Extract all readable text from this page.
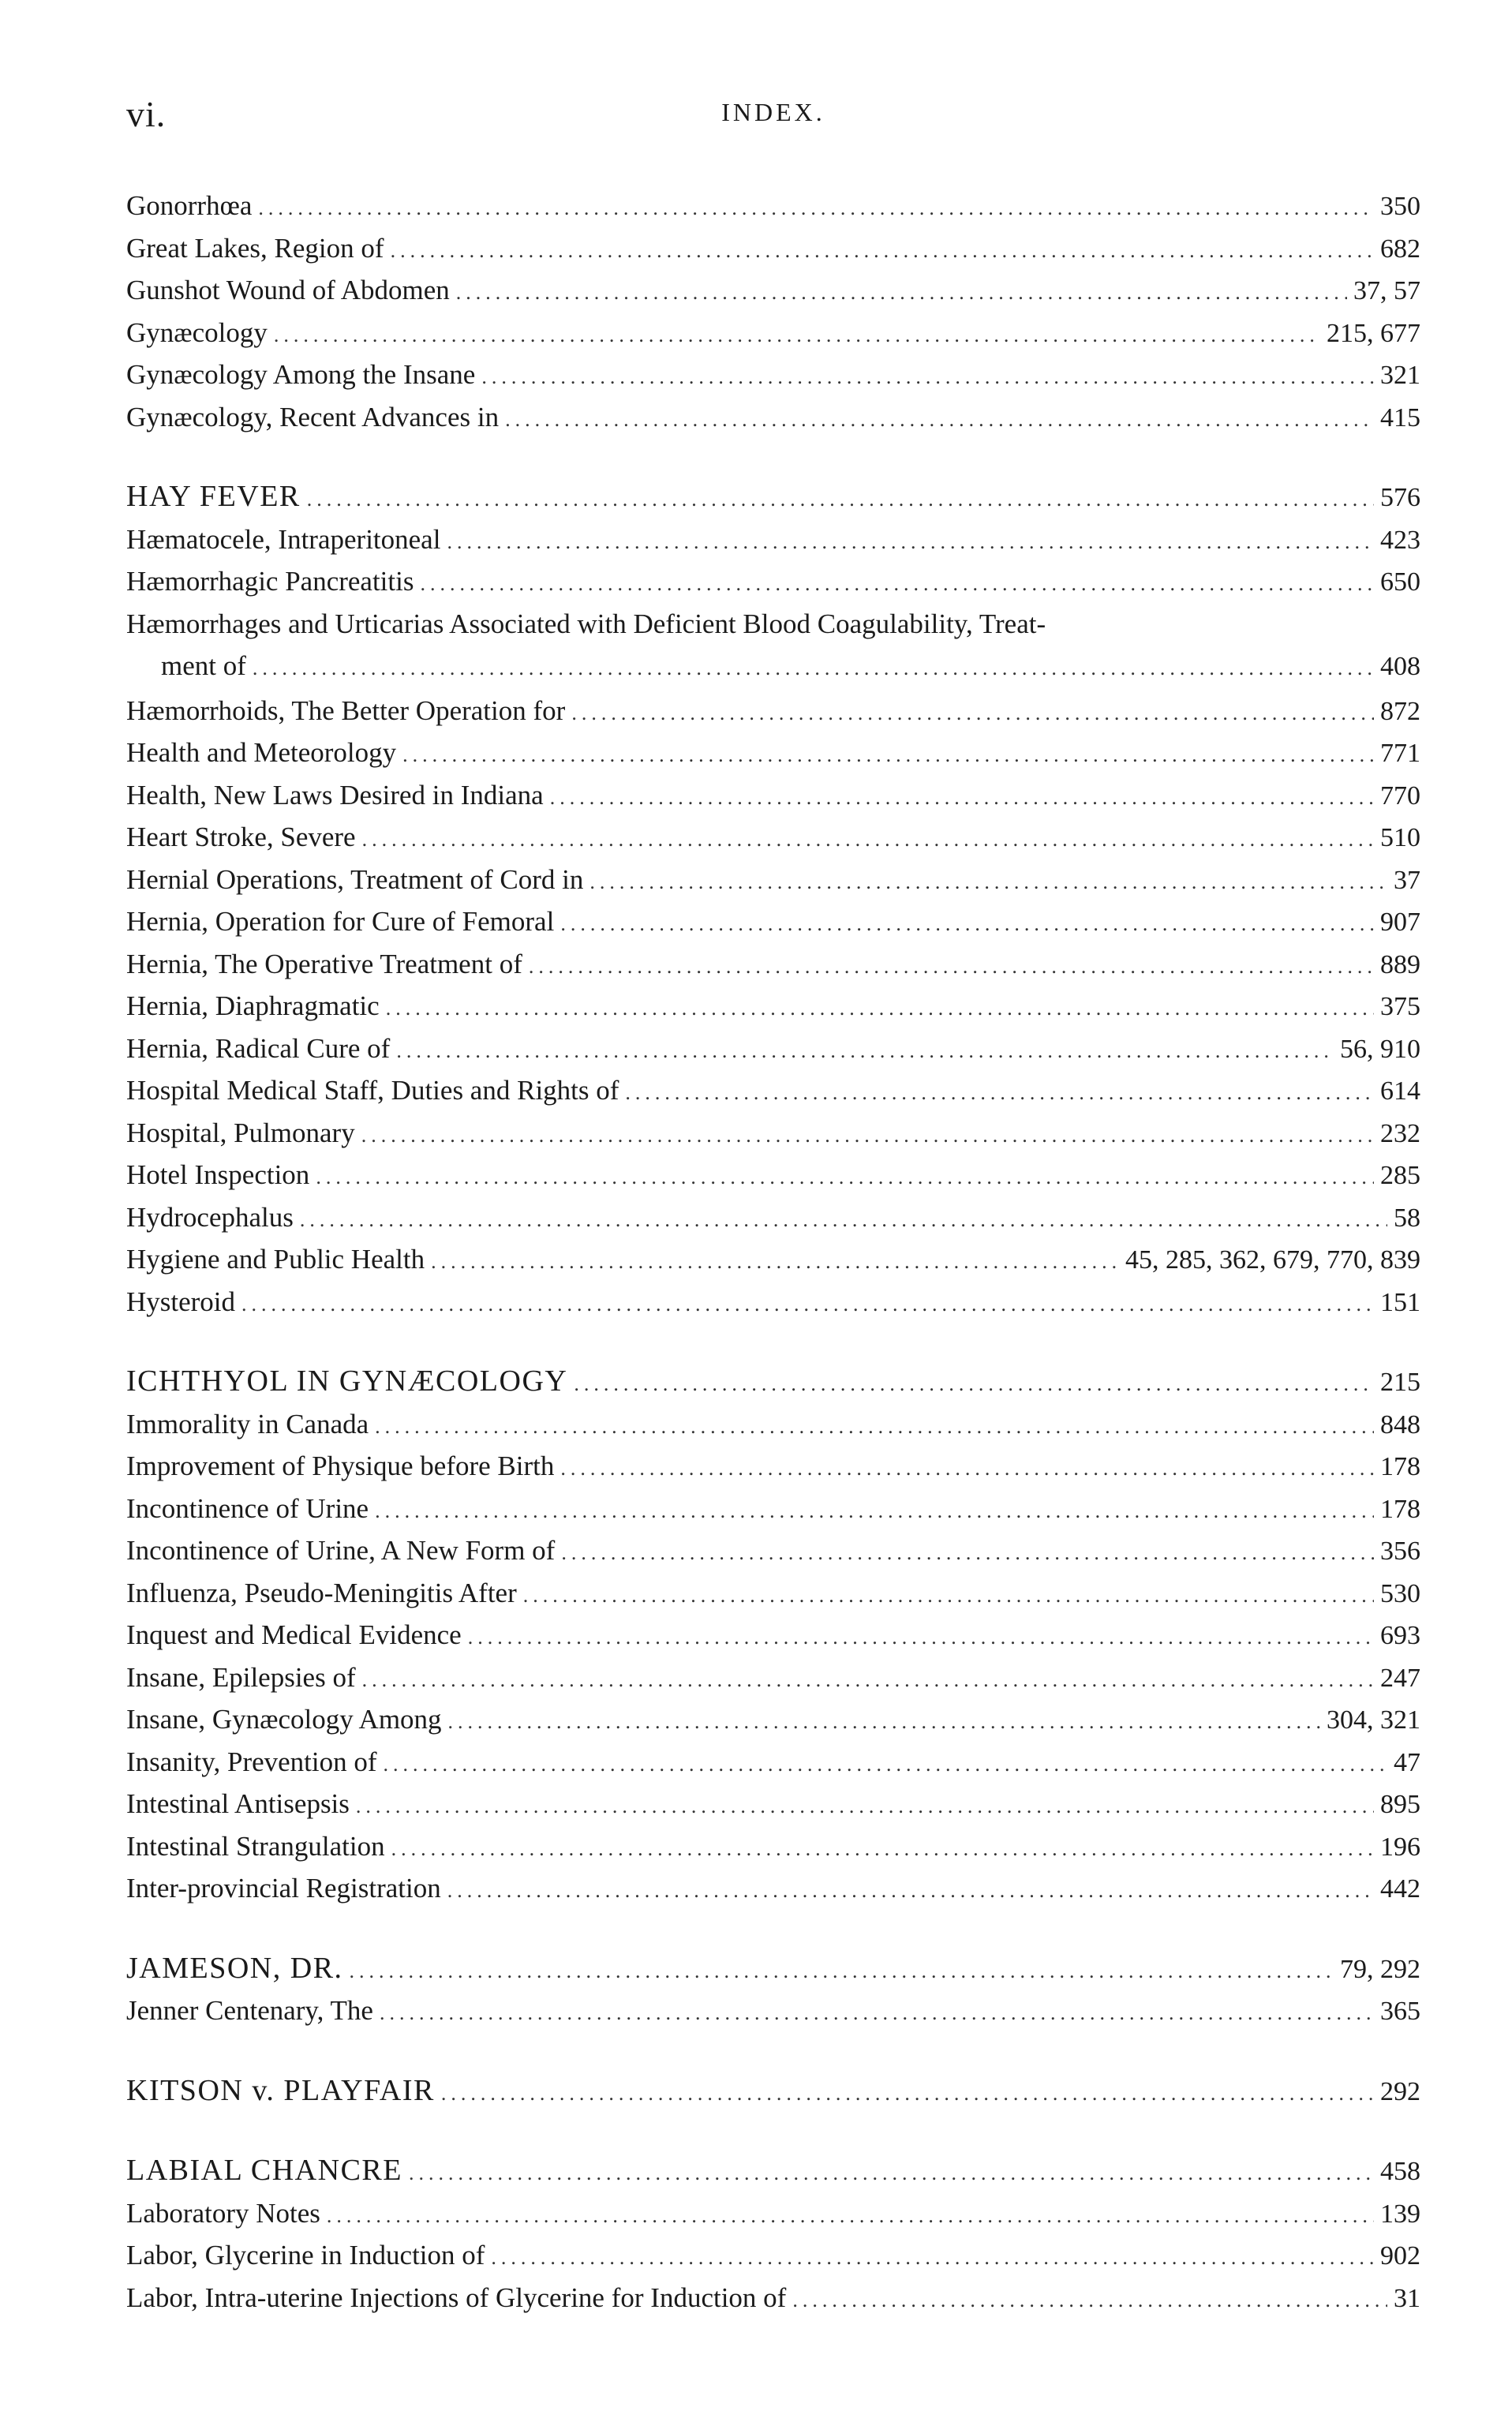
vi.	INDEX.
Gonorrhœa .....	350
Great Lakes, Region of .....	682
Gunshot Wound of Abdomen .....	37, 57
Gynæcology .....	215, 677
Gynæcology Among the Insane .....	321
Gynæcology, Recent Advances in .....	415
HAY FEVER .....	576
Hæmatocele, Intraperitoneal .....	423
Hæmorrhagic Pancreatitis .....	650
Hæmorrhages and Urticarias Associated with Deficient Blood Coagulability, Treat-
ment of .....	408
Hæmorrhoids, The Better Operation for .....	872
Health and Meteorology .....	771
Health, New Laws Desired in Indiana .....	770
Heart Stroke, Severe .....	510
Hernial Operations, Treatment of Cord in .....	37
Hernia, Operation for Cure of Femoral .....	907
Hernia, The Operative Treatment of .....	889
Hernia, Diaphragmatic .....	375
Hernia, Radical Cure of .....	56, 910
Hospital Medical Staff, Duties and Rights of .....	614
Hospital, Pulmonary .....	232
Hotel Inspection .....	285
Hydrocephalus .....	58
Hygiene and Public Health .....	45, 285, 362, 679, 770, 839
Hysteroid .....	151
ICHTHYOL IN GYNÆCOLOGY .....	215
Immorality in Canada .....	848
Improvement of Physique before Birth .....	178
Incontinence of Urine .....	178
Incontinence of Urine, A New Form of .....	356
Influenza, Pseudo-Meningitis After .....	530
Inquest and Medical Evidence .....	693
Insane, Epilepsies of .....	247
Insane, Gynæcology Among .....	304, 321
Insanity, Prevention of .....	47
Intestinal Antisepsis .....	895
Intestinal Strangulation .....	196
Inter-provincial Registration .....	442
JAMESON, DR. .....	79, 292
Jenner Centenary, The .....	365
KITSON v. PLAYFAIR .....	292
LABIAL CHANCRE .....	458
Laboratory Notes .....	139
Labor, Glycerine in Induction of .....	902
Labor, Intra-uterine Injections of Glycerine for Induction of .....	31
